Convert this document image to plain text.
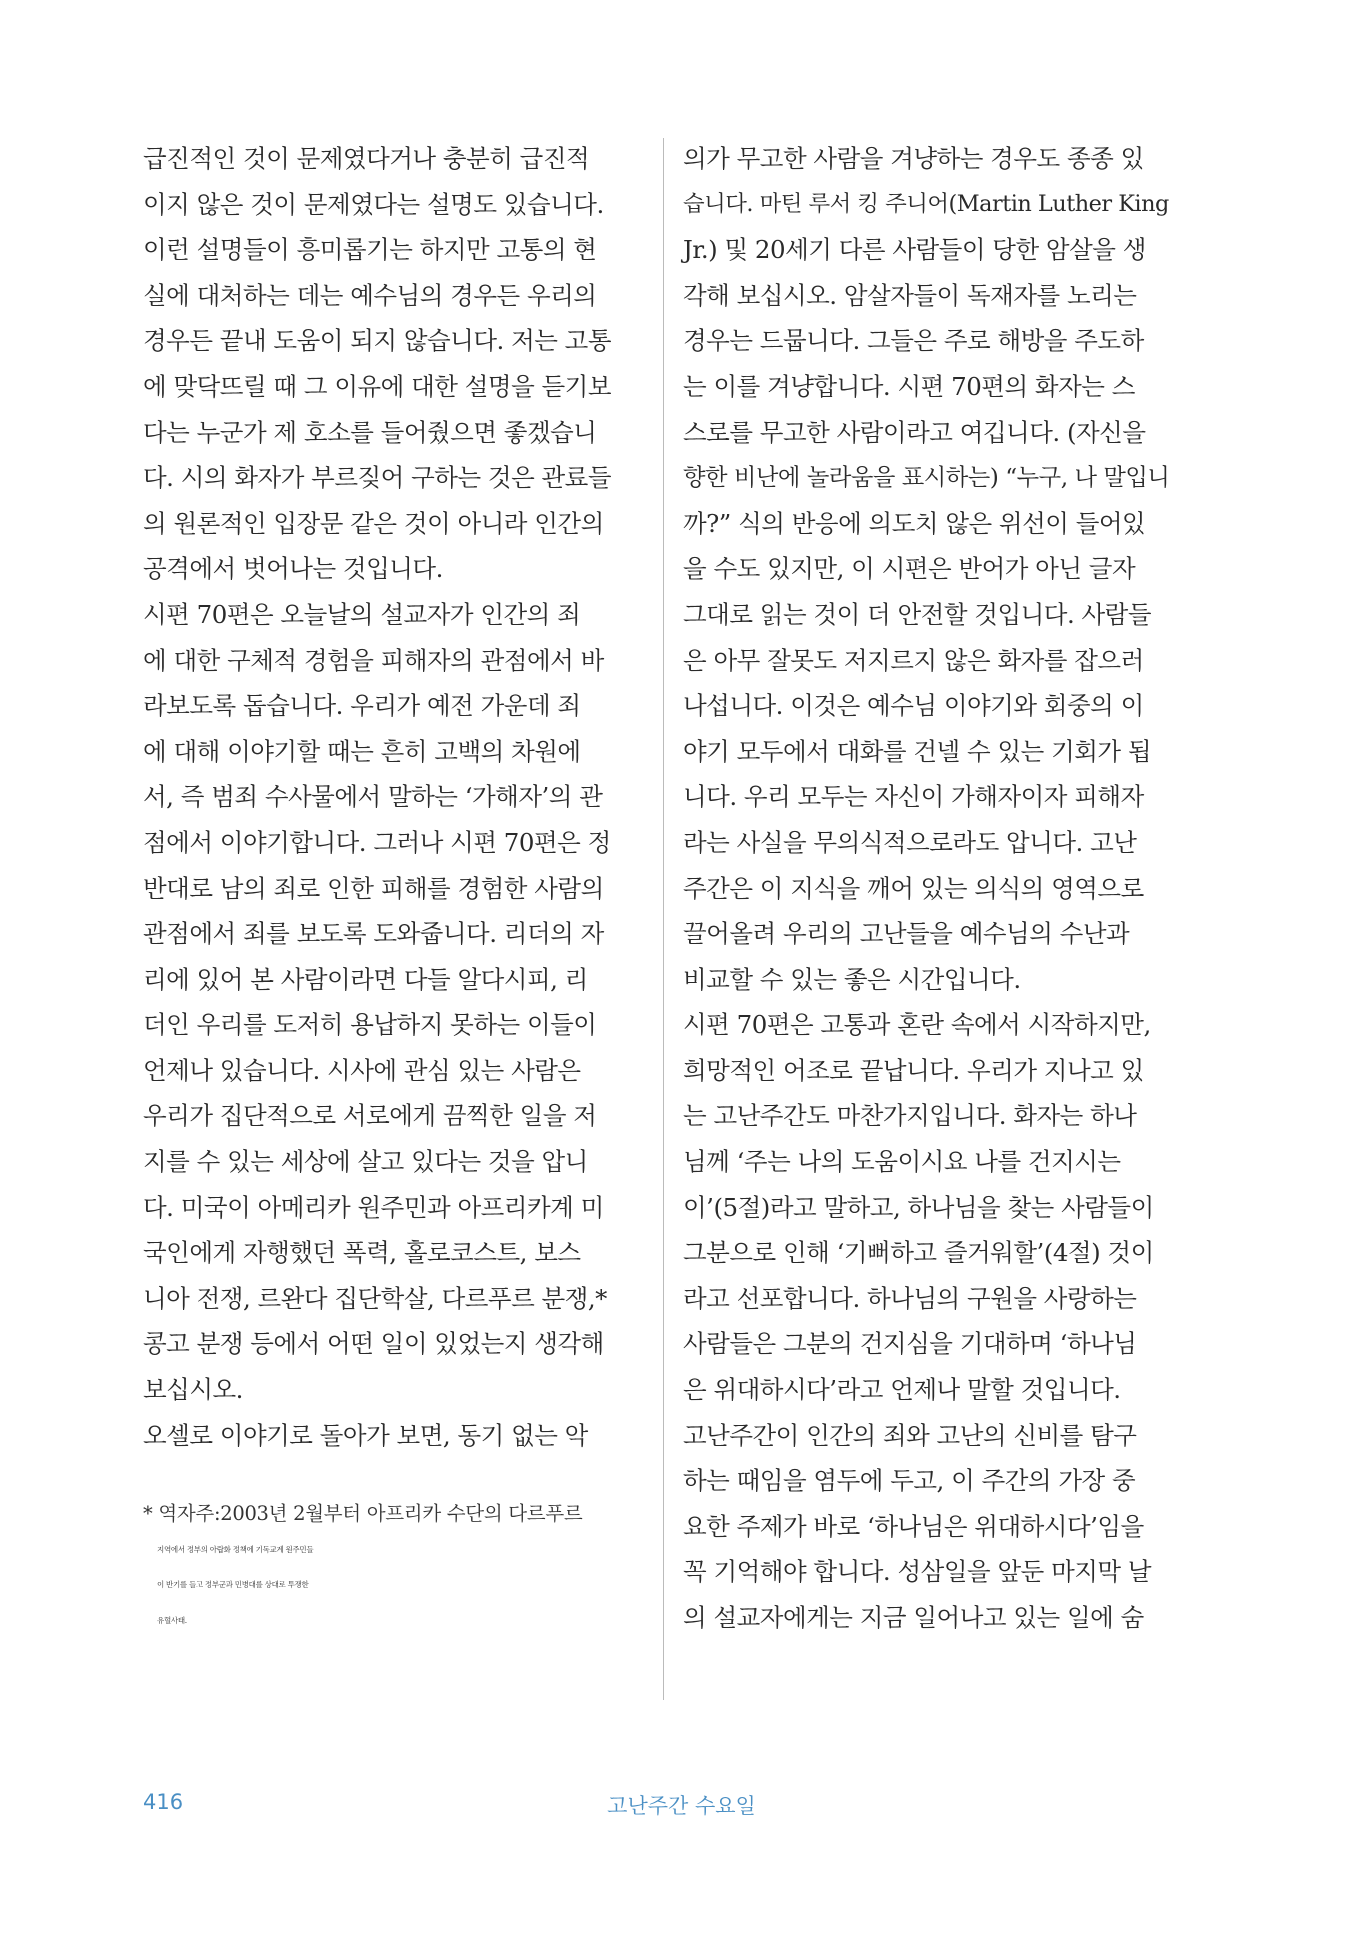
급진적인 것이 문제였다거나 충분히 급진적

이지 않은 것이 문제였다는 설명도 있습니다.

이런 설명들이 흥미롭기는 하지만 고통의 현

실에 대처하는 데는 예수님의 경우든 우리의

경우든 끝내 도움이 되지 않습니다. 저는 고통

에 맞닥뜨릴 때 그 이유에 대한 설명을 듣기보

다는 누군가 제 호소를 들어줬으면 좋겠습니

다. 시의 화자가 부르짖어 구하는 것은 관료들

의 원론적인 입장문 같은 것이 아니라 인간의

공격에서 벗어나는 것입니다.

시편 70편은 오늘날의 설교자가 인간의 죄

에 대한 구체적 경험을 피해자의 관점에서 바

라보도록 돕습니다. 우리가 예전 가운데 죄

에 대해 이야기할 때는 흔히 고백의 차원에

서, 즉 범죄 수사물에서 말하는 ‘가해자’의 관

점에서 이야기합니다. 그러나 시편 70편은 정

반대로 남의 죄로 인한 피해를 경험한 사람의

관점에서 죄를 보도록 도와줍니다. 리더의 자

리에 있어 본 사람이라면 다들 알다시피, 리

더인 우리를 도저히 용납하지 못하는 이들이

언제나 있습니다. 시사에 관심 있는 사람은

우리가 집단적으로 서로에게 끔찍한 일을 저

지를 수 있는 세상에 살고 있다는 것을 압니

다. 미국이 아메리카 원주민과 아프리카계 미

국인에게 자행했던 폭력, 홀로코스트, 보스

니아 전쟁, 르완다 집단학살, 다르푸르 분쟁,*

콩고 분쟁 등에서 어떤 일이 있었는지 생각해

보십시오.

오셀로 이야기로 돌아가 보면, 동기 없는 악

* 역자주:2003년 2월부터 아프리카 수단의 다르푸르

지역에서 정부의 아랍화 정책에 기독교계 원주민들

이 반기를 들고 정부군과 민병대를 상대로 투쟁한

유혈사태.

의가 무고한 사람을 겨냥하는 경우도 종종 있

습니다. 마틴 루서 킹 주니어(Martin Luther King

Jr.) 및 20세기 다른 사람들이 당한 암살을 생

각해 보십시오. 암살자들이 독재자를 노리는

경우는 드뭅니다. 그들은 주로 해방을 주도하

는 이를 겨냥합니다. 시편 70편의 화자는 스

스로를 무고한 사람이라고 여깁니다. (자신을

향한 비난에 놀라움을 표시하는) “누구, 나 말입니

까?” 식의 반응에 의도치 않은 위선이 들어있

을 수도 있지만, 이 시편은 반어가 아닌 글자

그대로 읽는 것이 더 안전할 것입니다. 사람들

은 아무 잘못도 저지르지 않은 화자를 잡으러

나섭니다. 이것은 예수님 이야기와 회중의 이

야기 모두에서 대화를 건넬 수 있는 기회가 됩

니다. 우리 모두는 자신이 가해자이자 피해자

라는 사실을 무의식적으로라도 압니다. 고난

주간은 이 지식을 깨어 있는 의식의 영역으로

끌어올려 우리의 고난들을 예수님의 수난과

비교할 수 있는 좋은 시간입니다.

시편 70편은 고통과 혼란 속에서 시작하지만,

희망적인 어조로 끝납니다. 우리가 지나고 있

는 고난주간도 마찬가지입니다. 화자는 하나

님께 ‘주는 나의 도움이시요 나를 건지시는

이’(5절)라고 말하고, 하나님을 찾는 사람들이

그분으로 인해 ‘기뻐하고 즐거워할’(4절) 것이

라고 선포합니다. 하나님의 구원을 사랑하는

사람들은 그분의 건지심을 기대하며 ‘하나님

은 위대하시다’라고 언제나 말할 것입니다.

고난주간이 인간의 죄와 고난의 신비를 탐구

하는 때임을 염두에 두고, 이 주간의 가장 중

요한 주제가 바로 ‘하나님은 위대하시다’임을

꼭 기억해야 합니다. 성삼일을 앞둔 마지막 날

의 설교자에게는 지금 일어나고 있는 일에 숨

416	고난주간 수요일
